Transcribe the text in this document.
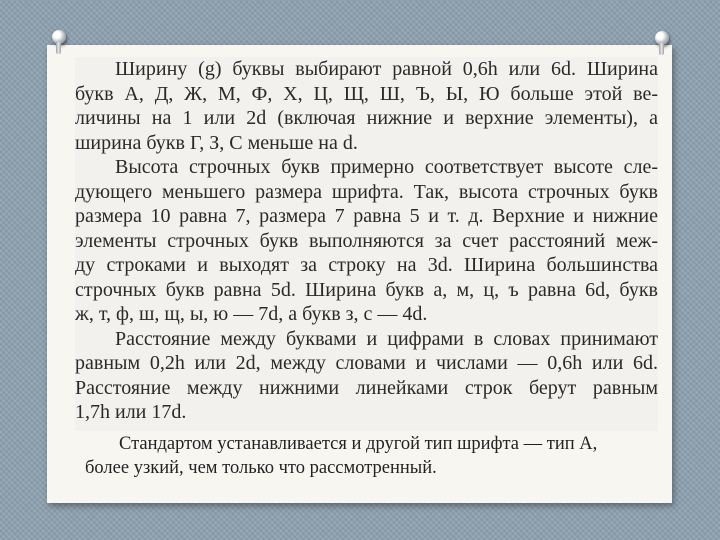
Ширину (g) буквы выбирают равной 0,6h или 6d. Ширина
букв А, Д, Ж, М, Ф, Х, Ц, Щ, Ш, Ъ, Ы, Ю больше этой ве-
личины на 1 или 2d (включая нижние и верхние элементы), а
ширина букв Г, З, С меньше на d.

Высота строчных букв примерно соответствует высоте сле-
дующего меньшего размера шрифта. Так, высота строчных букв
размера 10 равна 7, размера 7 равна 5 и т. д. Верхние и нижние
элементы строчных букв выполняются за счет расстояний меж-
ду строками и выходят за строку на 3d. Ширина большинства
строчных букв равна 5d. Ширина букв а, м, ц, ъ равна 6d, букв
ж, т, ф, ш, щ, ы, ю — 7d, а букв з, с — 4d.

Расстояние между буквами и цифрами в словах принимают
равным 0,2h или 2d, между словами и числами — 0,6h или 6d.
Расстояние между нижними линейками строк берут равным
1,7h или 17d.

Стандартом устанавливается и другой тип шрифта — тип А,
более узкий, чем только что рассмотренный.
